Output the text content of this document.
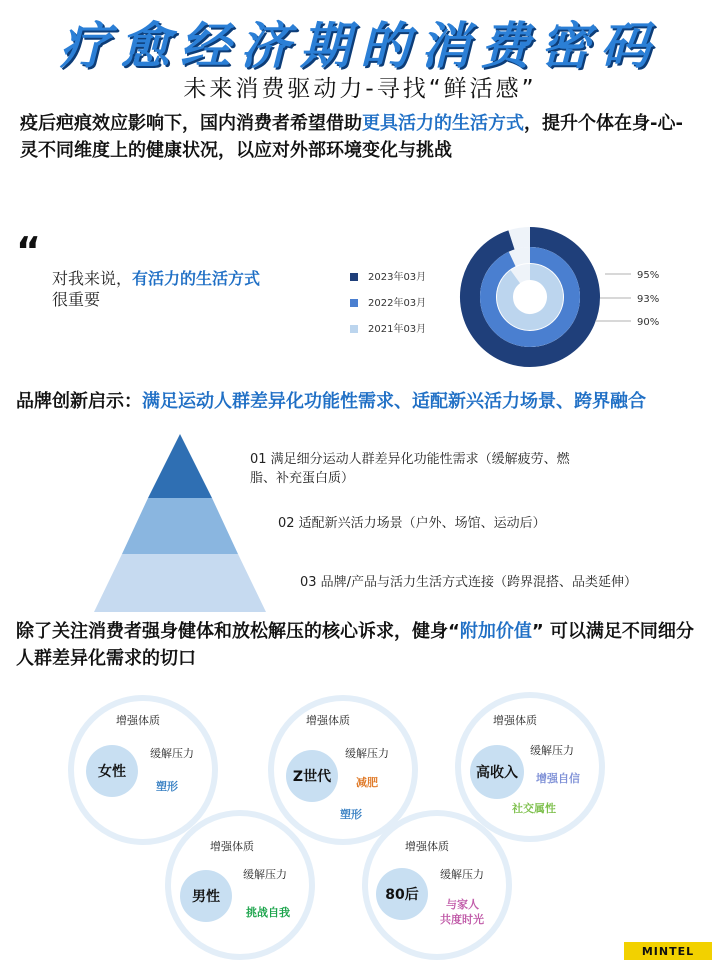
疗愈经济期的消费密码
未来消费驱动力-寻找“鲜活感”
疫后疤痕效应影响下，国内消费者希望借助更具活力的生活方式，提升个体在身-心-灵不同维度上的健康状况，以应对外部环境变化与挑战
“
对我来说，有活力的生活方式
很重要
2023年03月
2022年03月
2021年03月
95%
93%
90%
品牌创新启示：满足运动人群差异化功能性需求、适配新兴活力场景、跨界融合
01 满足细分运动人群差异化功能性需求（缓解疲劳、燃脂、补充蛋白质）
02 适配新兴活力场景（户外、场馆、运动后）
03 品牌/产品与活力生活方式连接（跨界混搭、品类延伸）
除了关注消费者强身健体和放松解压的核心诉求，健身“附加价值” 可以满足不同细分人群差异化需求的切口
增强体质
女性
缓解压力
塑形
增强体质
Z世代
缓解压力
减肥
塑形
增强体质
高收入
缓解压力
增强自信
社交属性
增强体质
男性
缓解压力
挑战自我
增强体质
80后
缓解压力
与家人
共度时光
MINTEL
